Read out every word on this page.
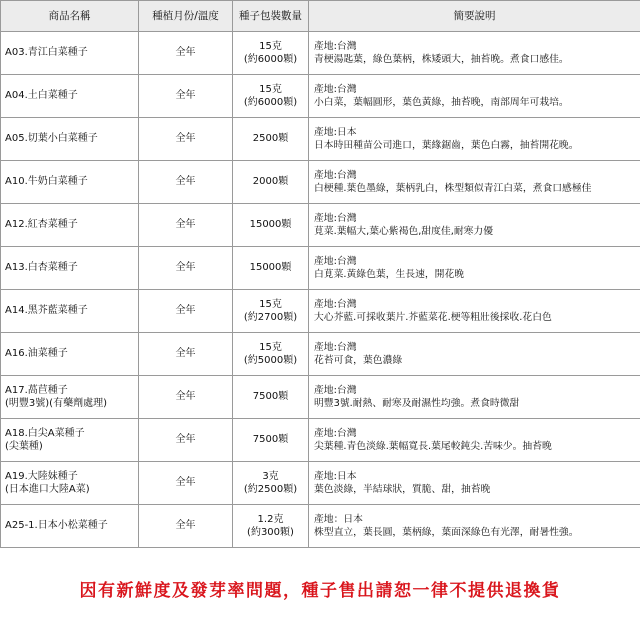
商品名稱	種植月份/溫度	種子包裝數量	簡要說明

A03.青江白菜種子	全年	15克
(約6000顆)	產地:台灣
青梗湯匙葉，綠色葉柄，株矮頭大，抽苔晚。煮食口感佳。

A04.土白菜種子	全年	15克
(約6000顆)	產地:台灣
小白菜，葉幅圓形，葉色黃綠，抽苔晚，南部周年可栽培。

A05.切葉小白菜種子	全年	2500顆	產地:日本
日本時田種苗公司進口，葉緣鋸齒，葉色白霧，抽苔開花晚。

A10.牛奶白菜種子	全年	2000顆	產地:台灣
白梗種.葉色墨綠，葉柄乳白，株型類似青江白菜，煮食口感極佳

A12.紅杏菜種子	全年	15000顆	產地:台灣
莧菜.葉幅大,葉心紫褐色,甜度佳,耐寒力優

A13.白杏菜種子	全年	15000顆	產地:台灣
白莧菜.黃綠色葉，生長速，開花晚

A14.黑芥藍菜種子	全年	15克
(約2700顆)	產地:台灣
大心芥藍.可採收葉片.芥藍菜花.梗等粗壯後採收.花白色

A16.油菜種子	全年	15克
(約5000顆)	產地:台灣
花苔可食，葉色濃綠

A17.萵苣種子
(明豐3號)(有藥劑處理)	全年	7500顆	產地:台灣
明豐3號.耐熱、耐寒及耐濕性均強。煮食時微甜

A18.白尖A菜種子
(尖葉種)	全年	7500顆	產地:台灣
尖葉種.青色淡綠.葉幅寬長.葉尾較鈍尖.苦味少。抽苔晚

A19.大陸妹種子
(日本進口大陸A菜)	全年	3克
(約2500顆)	產地:日本
葉色淡綠，半結球狀，質脆、甜，抽苔晚

A25-1.日本小松菜種子	全年	1.2克
(約300顆)	產地：日本
株型直立，葉長圓，葉柄綠，葉面深綠色有光澤，耐暑性強。
因有新鮮度及發芽率問題，種子售出請恕一律不提供退換貨
